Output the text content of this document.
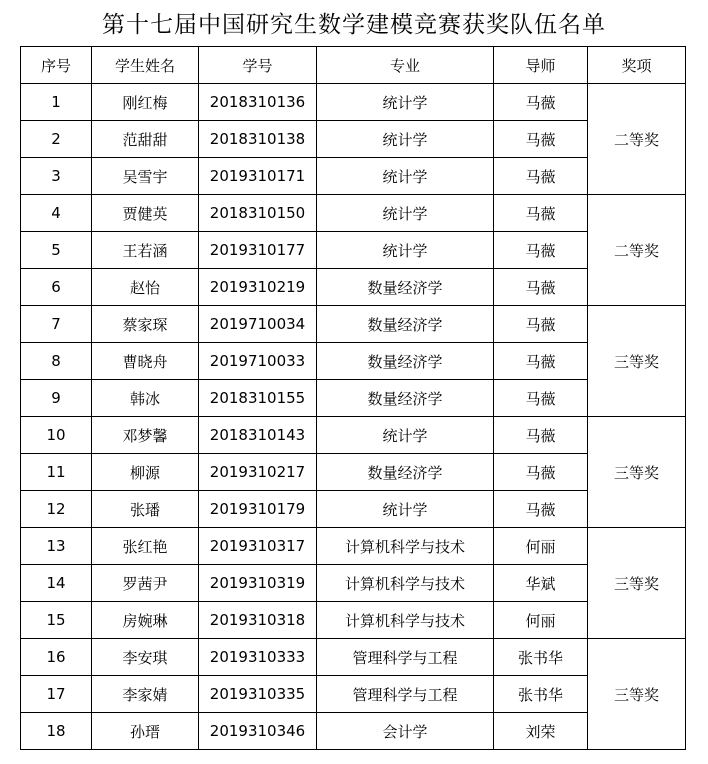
第十七届中国研究生数学建模竞赛获奖队伍名单
序号	学生姓名	学号	专业	导师	奖项
1	刚红梅	2018310136	统计学	马薇	二等奖
2	范甜甜	2018310138	统计学	马薇	
3	吴雪宇	2019310171	统计学	马薇	
4	贾健英	2018310150	统计学	马薇	二等奖
5	王若涵	2019310177	统计学	马薇	
6	赵怡	2019310219	数量经济学	马薇	
7	蔡家琛	2019710034	数量经济学	马薇	三等奖
8	曹晓舟	2019710033	数量经济学	马薇	
9	韩冰	2018310155	数量经济学	马薇	
10	邓梦馨	2018310143	统计学	马薇	三等奖
11	柳源	2019310217	数量经济学	马薇	
12	张璠	2019310179	统计学	马薇	
13	张红艳	2019310317	计算机科学与技术	何丽	三等奖
14	罗茜尹	2019310319	计算机科学与技术	华斌	
15	房婉琳	2019310318	计算机科学与技术	何丽	
16	李安琪	2019310333	管理科学与工程	张书华	三等奖
17	李家婧	2019310335	管理科学与工程	张书华	
18	孙瑨	2019310346	会计学	刘荣	
